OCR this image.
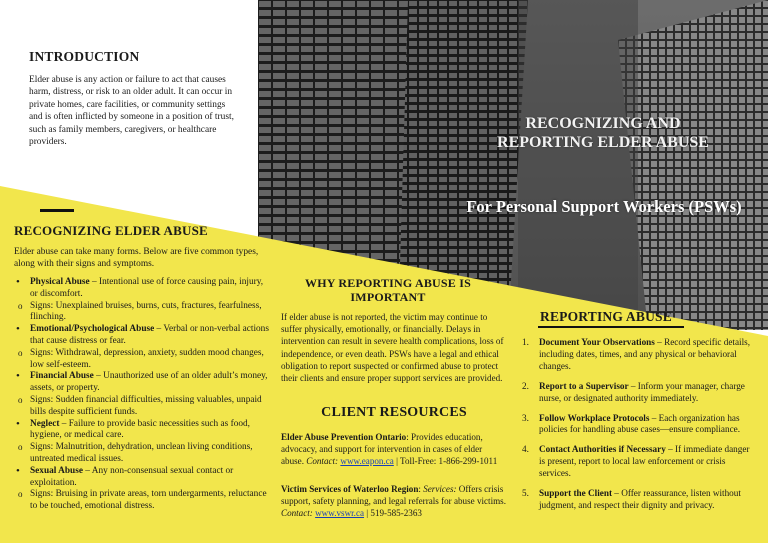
RECOGNIZING AND REPORTING ELDER ABUSE
For Personal Support Workers (PSWs)
INTRODUCTION
Elder abuse is any action or failure to act that causes harm, distress, or risk to an older adult. It can occur in private homes, care facilities, or community settings and is often inflicted by someone in a position of trust, such as family members, caregivers, or healthcare providers.
RECOGNIZING ELDER ABUSE
Elder abuse can take many forms. Below are five common types, along with their signs and symptoms.
• Physical Abuse – Intentional use of force causing pain, injury, or discomfort.
o Signs: Unexplained bruises, burns, cuts, fractures, fearfulness, flinching.
• Emotional/Psychological Abuse – Verbal or non-verbal actions that cause distress or fear.
o Signs: Withdrawal, depression, anxiety, sudden mood changes, low self-esteem.
• Financial Abuse – Unauthorized use of an older adult’s money, assets, or property.
o Signs: Sudden financial difficulties, missing valuables, unpaid bills despite sufficient funds.
• Neglect – Failure to provide basic necessities such as food, hygiene, or medical care.
o Signs: Malnutrition, dehydration, unclean living conditions, untreated medical issues.
• Sexual Abuse – Any non-consensual sexual contact or exploitation.
o Signs: Bruising in private areas, torn undergarments, reluctance to be touched, emotional distress.
WHY REPORTING ABUSE IS IMPORTANT
If elder abuse is not reported, the victim may continue to suffer physically, emotionally, or financially. Delays in intervention can result in severe health complications, loss of independence, or even death. PSWs have a legal and ethical obligation to report suspected or confirmed abuse to protect their clients and ensure proper support services are provided.
CLIENT RESOURCES
Elder Abuse Prevention Ontario: Provides education, advocacy, and support for intervention in cases of elder abuse. Contact: www.eapon.ca | Toll-Free: 1-866-299-1011
Victim Services of Waterloo Region: Services: Offers crisis support, safety planning, and legal referrals for abuse victims. Contact: www.vswr.ca | 519-585-2363
REPORTING ABUSE
1. Document Your Observations – Record specific details, including dates, times, and any physical or behavioral changes.
2. Report to a Supervisor – Inform your manager, charge nurse, or designated authority immediately.
3. Follow Workplace Protocols – Each organization has policies for handling abuse cases—ensure compliance.
4. Contact Authorities if Necessary – If immediate danger is present, report to local law enforcement or crisis services.
5. Support the Client – Offer reassurance, listen without judgment, and respect their dignity and privacy.
